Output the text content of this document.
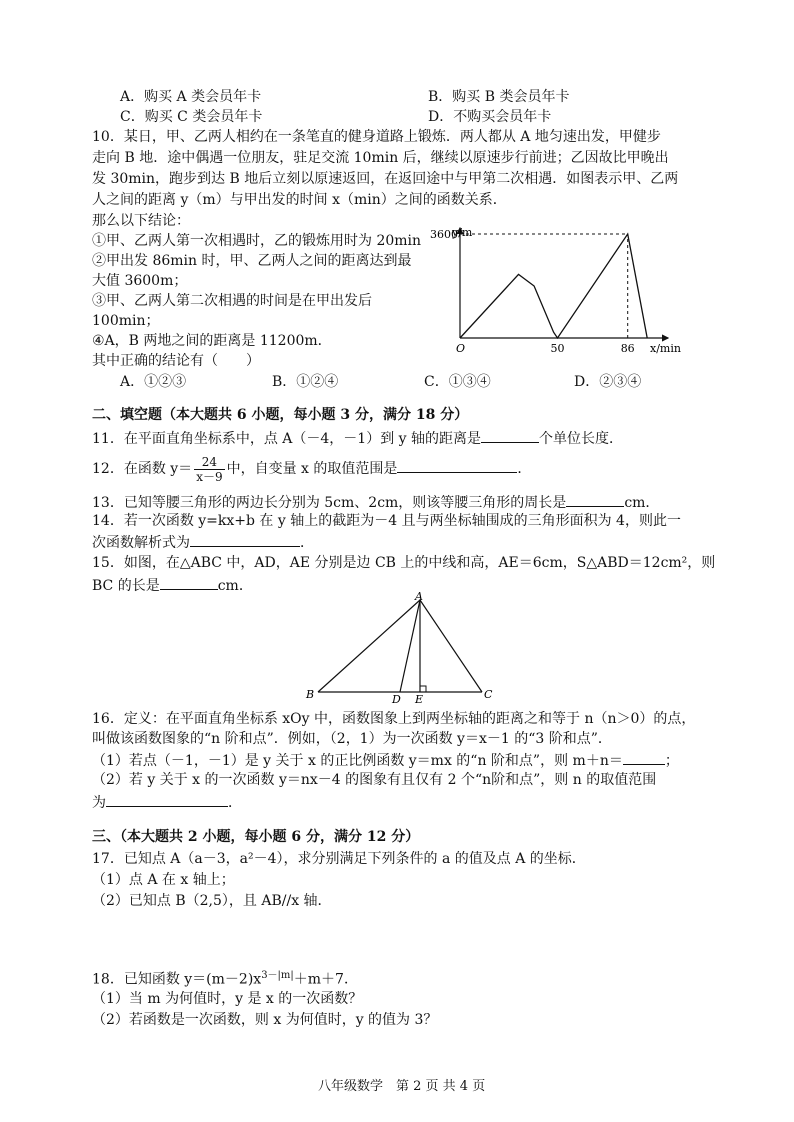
A．购买 A 类会员年卡	B．购买 B 类会员年卡
C．购买 C 类会员年卡	D．不购买会员年卡
10．某日，甲、乙两人相约在一条笔直的健身道路上锻炼．两人都从 A 地匀速出发，甲健步
走向 B 地．途中偶遇一位朋友，驻足交流 10min 后，继续以原速步行前进；乙因故比甲晚出
发 30min，跑步到达 B 地后立刻以原速返回，在返回途中与甲第二次相遇．如图表示甲、乙两
人之间的距离 y（m）与甲出发的时间 x（min）之间的函数关系．
那么以下结论：
①甲、乙两人第一次相遇时，乙的锻炼用时为 20min
②甲出发 86min 时，甲、乙两人之间的距离达到最
大值 3600m；
③甲、乙两人第二次相遇的时间是在甲出发后
100min；
④A，B 两地之间的距离是 11200m．
其中正确的结论有（　　）
A．①②③	B．①②④	C．①③④	D．②③④
y/m
x/min
O	50	86
3600
二、填空题（本大题共 6 小题，每小题 3 分，满分 18 分）
11．在平面直角坐标系中，点 A（－4，－1）到 y 轴的距离是	个单位长度．
12．在函数 $y= \frac{24}{x-9}$ 中，自变量 x 的取值范围是	．
13．已知等腰三角形的两边长分别为 5cm、2cm，则该等腰三角形的周长是	cm．
14．若一次函数 y=kx+b 在 y 轴上的截距为－4 且与两坐标轴围成的三角形面积为 4，则此一
次函数解析式为	．
15．如图，在△ABC 中，AD，AE 分别是边 CB 上的中线和高，AE＝6cm，S△ABD＝12cm²，则
BC 的长是	cm．
A
B	C
D E
16．定义：在平面直角坐标系 xOy 中，函数图象上到两坐标轴的距离之和等于 n（n＞0）的点，
叫做该函数图象的“n 阶和点”．例如，（2，1）为一次函数 y＝x－1 的“3 阶和点”．
（1）若点（－1，－1）是 y 关于 x 的正比例函数 y＝mx 的“n 阶和点”，则 m＋n＝	；
（2）若 y 关于 x 的一次函数 y＝nx－4 的图象有且仅有 2 个“n阶和点”，则 n 的取值范围
为	．
三、（本大题共 2 小题，每小题 6 分，满分 12 分）
17．已知点 A（a－3，a²－4），求分别满足下列条件的 a 的值及点 A 的坐标．
（1）点 A 在 x 轴上；
（2）已知点 B（2,5），且 AB//x 轴．
18．已知函数 $y=(m-2)x^{3-|m|}+m+7$．
（1）当 m 为何值时，y 是 x 的一次函数？
（2）若函数是一次函数，则 x 为何值时，y 的值为 3？
八年级数学　第 2 页 共 4 页
